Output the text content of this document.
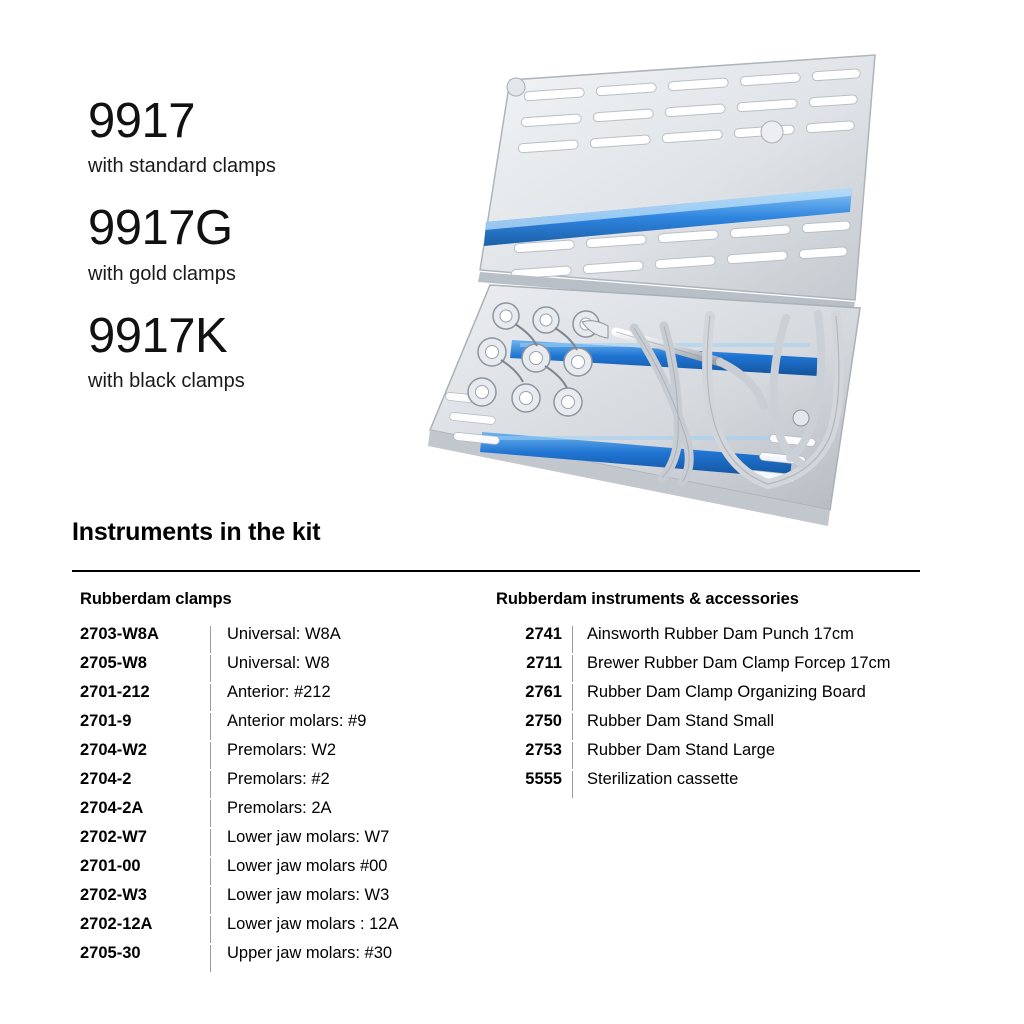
9917
with standard clamps
9917G
with gold clamps
9917K
with black clamps
Instruments in the kit
Rubberdam clamps
2703-W8A	Universal: W8A
2705-W8	Universal: W8
2701-212	Anterior: #212
2701-9	Anterior molars: #9
2704-W2	Premolars: W2
2704-2	Premolars: #2
2704-2A	Premolars: 2A
2702-W7	Lower jaw molars: W7
2701-00	Lower jaw molars #00
2702-W3	Lower jaw molars: W3
2702-12A	Lower jaw molars : 12A
2705-30	Upper jaw molars: #30
Rubberdam instruments & accessories
2741	Ainsworth Rubber Dam Punch 17cm
2711	Brewer Rubber Dam Clamp Forcep 17cm
2761	Rubber Dam Clamp Organizing Board
2750	Rubber Dam Stand Small
2753	Rubber Dam Stand Large
5555	Sterilization cassette
